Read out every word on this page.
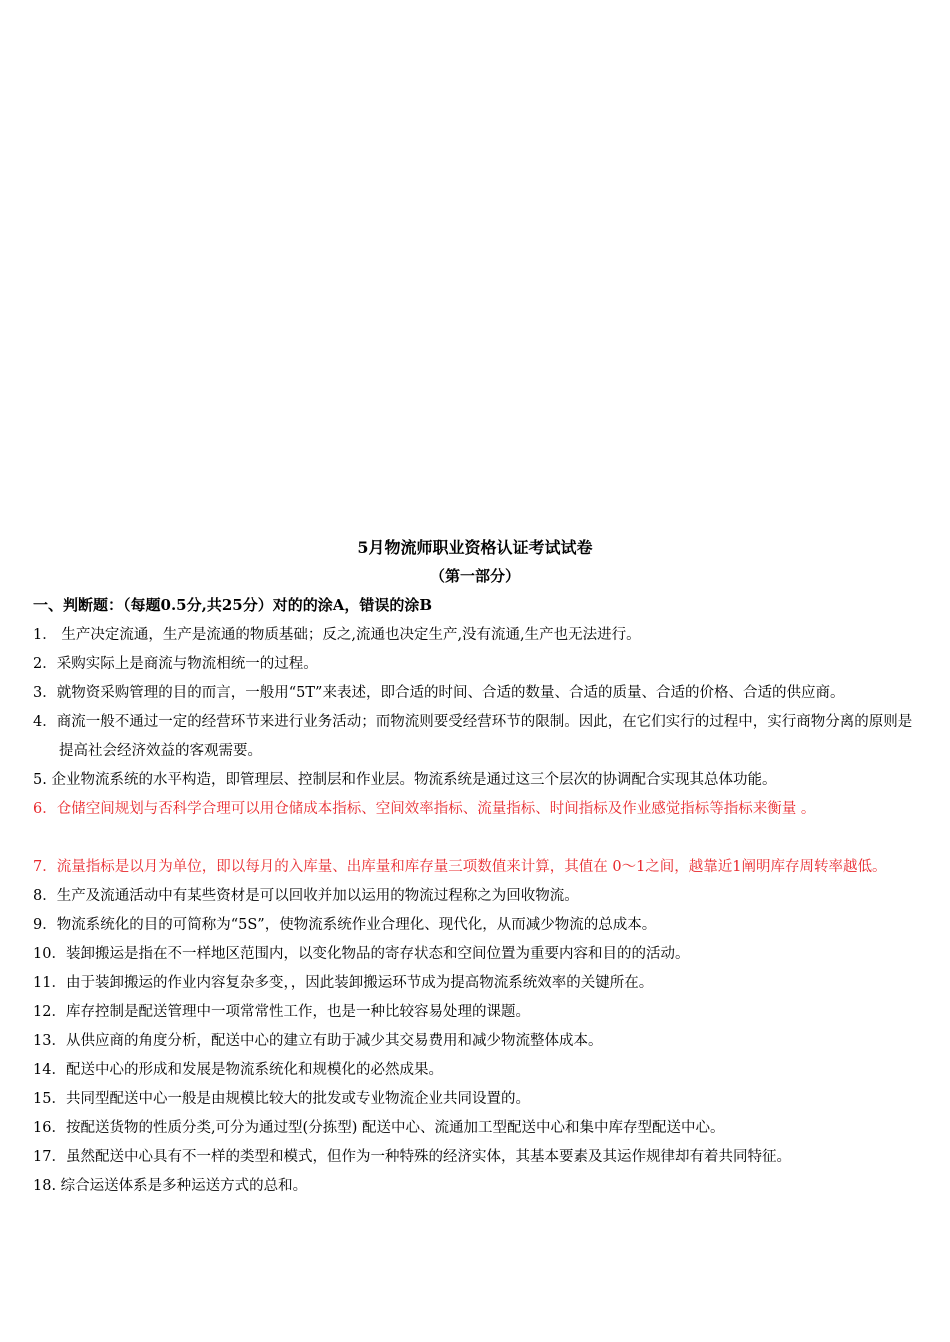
5月物流师职业资格认证考试试卷
（第一部分）
一、判断题：（每题0.5分,共25分）对的的涂A，错误的涂B
1． 生产决定流通，生产是流通的物质基础；反之,流通也决定生产,没有流通,生产也无法进行。
2．采购实际上是商流与物流相统一的过程。
3．就物资采购管理的目的而言，一般用“5T”来表述，即合适的时间、合适的数量、合适的质量、合适的价格、合适的供应商。
4．商流一般不通过一定的经营环节来进行业务活动；而物流则要受经营环节的限制。因此，在它们实行的过程中，实行商物分离的原则是提高社会经济效益的客观需要。
5. 企业物流系统的水平构造，即管理层、控制层和作业层。物流系统是通过这三个层次的协调配合实现其总体功能。
6．仓储空间规划与否科学合理可以用仓储成本指标、空间效率指标、流量指标、时间指标及作业感觉指标等指标来衡量 。
7．流量指标是以月为单位，即以每月的入库量、出库量和库存量三项数值来计算，其值在 0～1之间，越靠近1阐明库存周转率越低。
8．生产及流通活动中有某些资材是可以回收并加以运用的物流过程称之为回收物流。
9．物流系统化的目的可简称为“5S”，使物流系统作业合理化、现代化，从而减少物流的总成本。
10．装卸搬运是指在不一样地区范围内，以变化物品的寄存状态和空间位置为重要内容和目的的活动。
11．由于装卸搬运的作业内容复杂多变，，因此装卸搬运环节成为提高物流系统效率的关键所在。
12．库存控制是配送管理中一项常常性工作，也是一种比较容易处理的课题。
13．从供应商的角度分析，配送中心的建立有助于减少其交易费用和减少物流整体成本。
14．配送中心的形成和发展是物流系统化和规模化的必然成果。
15．共同型配送中心一般是由规模比较大的批发或专业物流企业共同设置的。
16．按配送货物的性质分类,可分为通过型(分拣型) 配送中心、流通加工型配送中心和集中库存型配送中心。
17．虽然配送中心具有不一样的类型和模式，但作为一种特殊的经济实体，其基本要素及其运作规律却有着共同特征。
18. 综合运送体系是多种运送方式的总和。
